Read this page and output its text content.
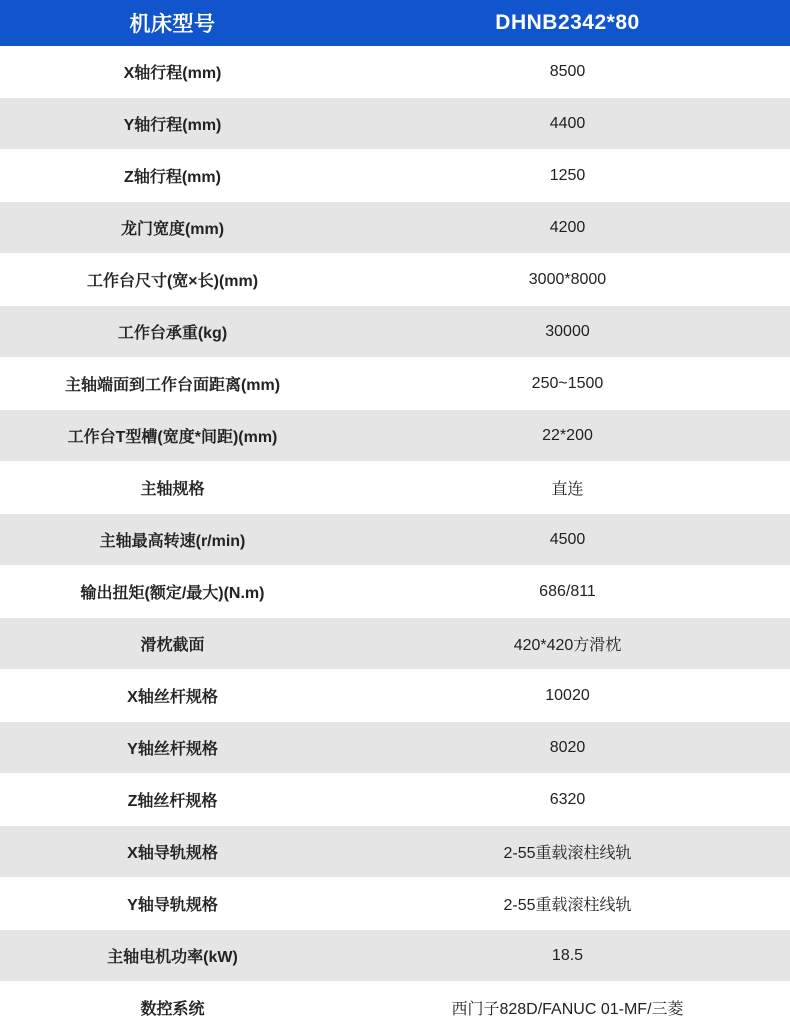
机床型号	DHNB2342*80
X轴行程(mm)	8500
Y轴行程(mm)	4400
Z轴行程(mm)	1250
龙门宽度(mm)	4200
工作台尺寸(宽×长)(mm)	3000*8000
工作台承重(kg)	30000
主轴端面到工作台面距离(mm)	250~1500
工作台T型槽(宽度*间距)(mm)	22*200
主轴规格	直连
主轴最高转速(r/min)	4500
输出扭矩(额定/最大)(N.m)	686/811
滑枕截面	420*420方滑枕
X轴丝杆规格	10020
Y轴丝杆规格	8020
Z轴丝杆规格	6320
X轴导轨规格	2-55重载滚柱线轨
Y轴导轨规格	2-55重载滚柱线轨
主轴电机功率(kW)	18.5
数控系统	西门子828D/FANUC 01-MF/三菱
